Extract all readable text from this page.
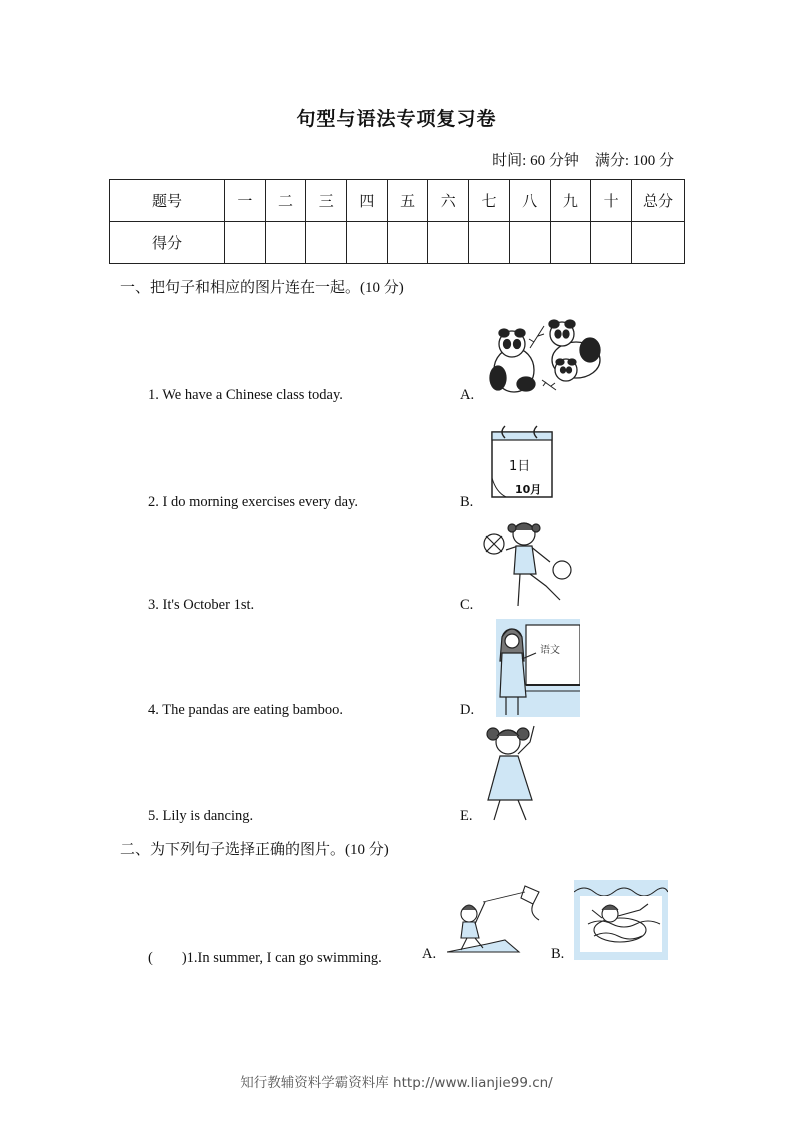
句型与语法专项复习卷
时间: 60 分钟 满分: 100 分
题号	一	二	三	四	五	六	七	八	九	十	总分
得分											
一、把句子和相应的图片连在一起。(10 分)
1. We have a Chinese class today.	A.
2. I do morning exercises every day.	B.
3. It's October 1st.	C.
4. The pandas are eating bamboo.	D.
5. Lily is dancing.	E.
1日
10月
语文
二、为下列句子选择正确的图片。(10 分)
(　　)1.In summer, I can go swimming.	A.	B.
知行教辅资料学霸资料库 http://www.lianjie99.cn/
